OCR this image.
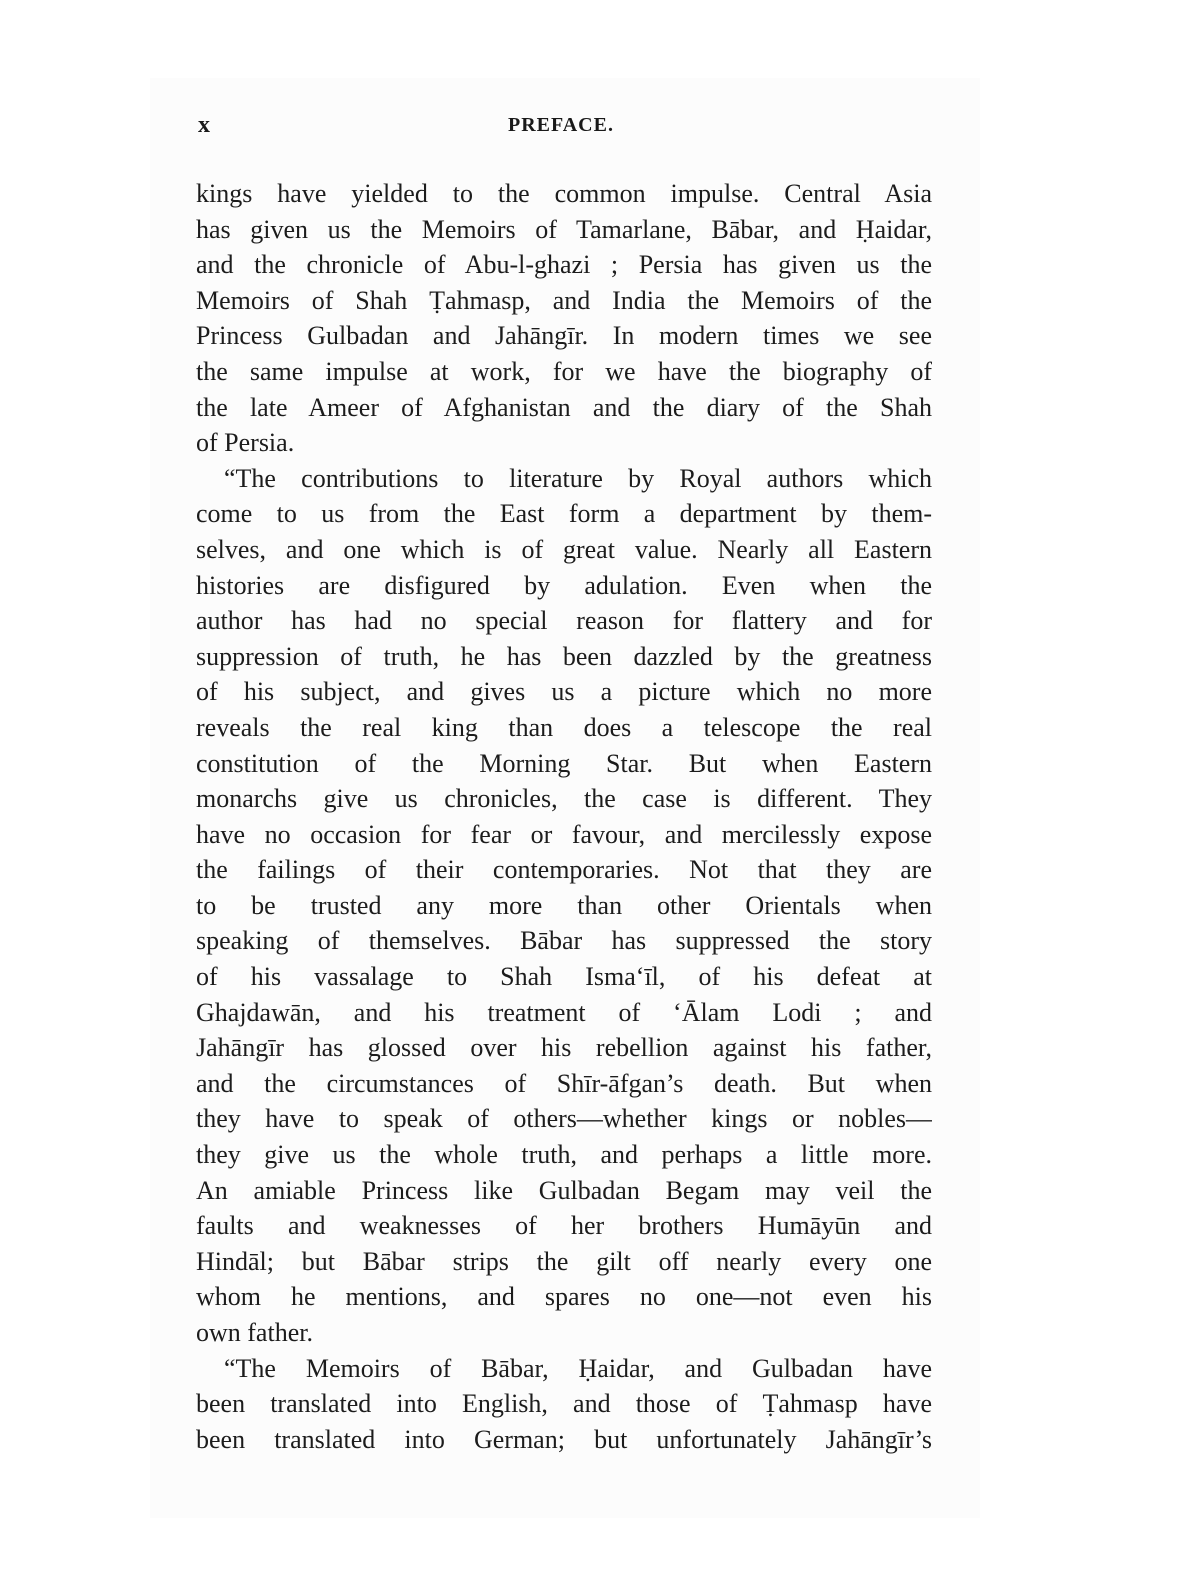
x	PREFACE.
kings have yielded to the common impulse. Central Asia
has given us the Memoirs of Tamarlane, Bābar, and Ḥaidar,
and the chronicle of Abu-l-ghazi ; Persia has given us the
Memoirs of Shah Ṭahmasp, and India the Memoirs of the
Princess Gulbadan and Jahāngīr. In modern times we see
the same impulse at work, for we have the biography of
the late Ameer of Afghanistan and the diary of the Shah
of Persia.
“The contributions to literature by Royal authors which
come to us from the East form a department by them-
selves, and one which is of great value. Nearly all Eastern
histories are disfigured by adulation. Even when the
author has had no special reason for flattery and for
suppression of truth, he has been dazzled by the greatness
of his subject, and gives us a picture which no more
reveals the real king than does a telescope the real
constitution of the Morning Star. But when Eastern
monarchs give us chronicles, the case is different. They
have no occasion for fear or favour, and mercilessly expose
the failings of their contemporaries. Not that they are
to be trusted any more than other Orientals when
speaking of themselves. Bābar has suppressed the story
of his vassalage to Shah Isma‘īl, of his defeat at
Ghajdawān, and his treatment of ‘Ālam Lodi ; and
Jahāngīr has glossed over his rebellion against his father,
and the circumstances of Shīr-āfgan’s death. But when
they have to speak of others—whether kings or nobles—
they give us the whole truth, and perhaps a little more.
An amiable Princess like Gulbadan Begam may veil the
faults and weaknesses of her brothers Humāyūn and
Hindāl; but Bābar strips the gilt off nearly every one
whom he mentions, and spares no one—not even his
own father.
“The Memoirs of Bābar, Ḥaidar, and Gulbadan have
been translated into English, and those of Ṭahmasp have
been translated into German; but unfortunately Jahāngīr’s
